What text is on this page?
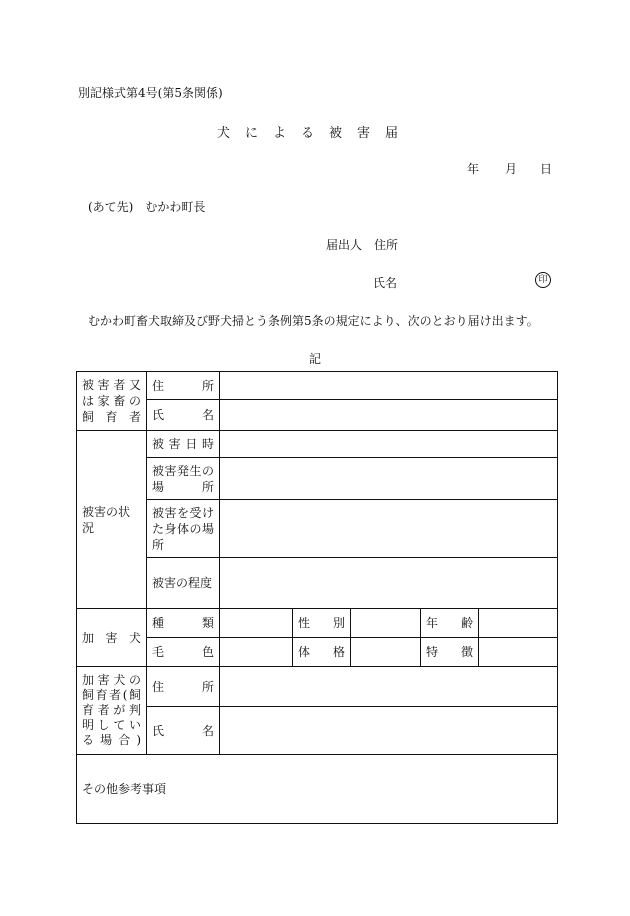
別記様式第4号(第5条関係)
犬による被害届
年 月 日
(あて先)　むかわ町長
届出人　住所
氏名	印
むかわ町畜犬取締及び野犬掃とう条例第5条の規定により、次のとおり届け出ます。
記
被害者又は家畜の飼育者	住　所					
	氏　名					
被害の状況	被害日時					
	被害発生の場所					
	被害を受けた身体の場所					
	被害の程度					
加害犬	種　類		性　別		年　齢	
	毛　色		体　格		特　徴	
加害犬の飼育者(飼育者が判明している場合)	住　所					
	氏　名					
その他参考事項						
